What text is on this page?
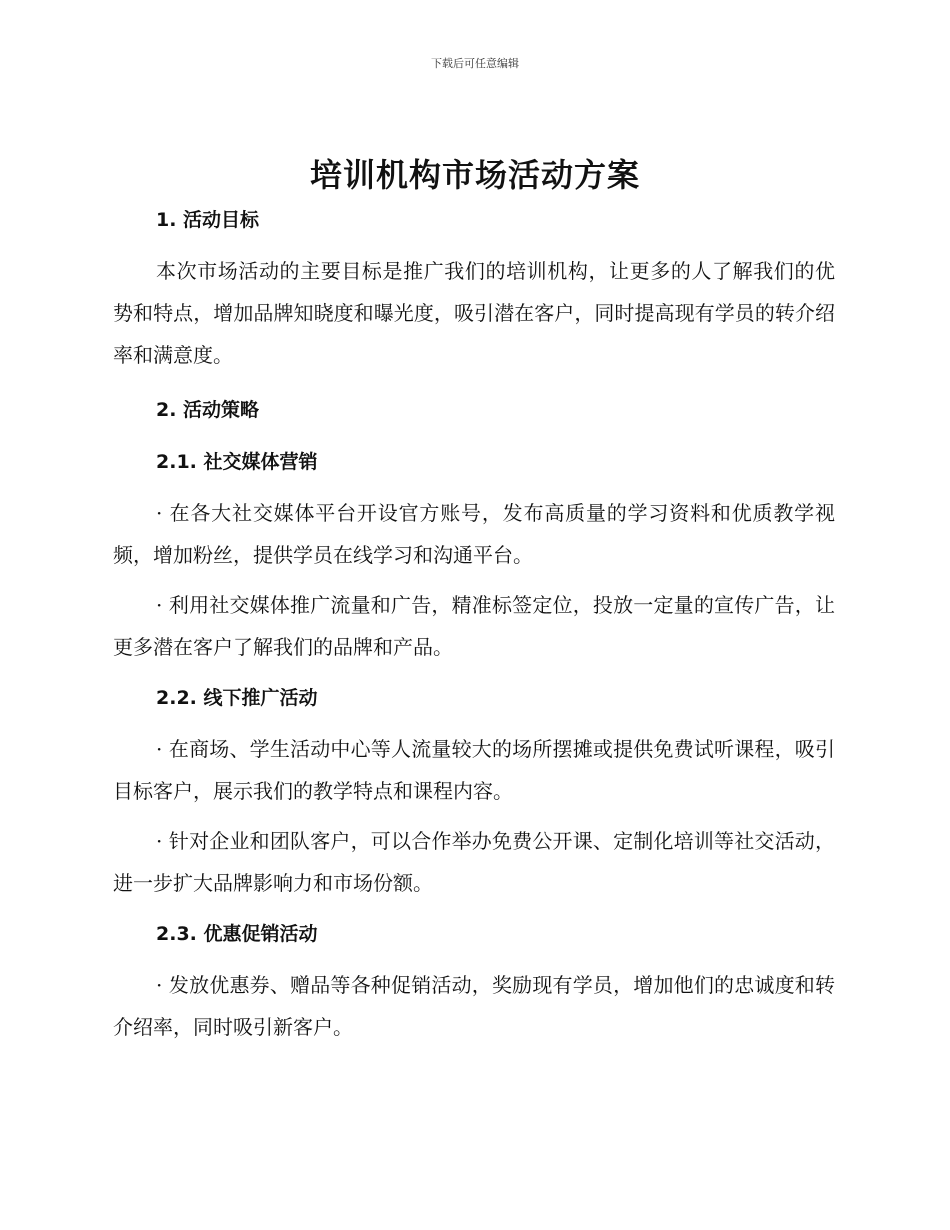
下载后可任意编辑
培训机构市场活动方案
1. 活动目标
本次市场活动的主要目标是推广我们的培训机构，让更多的人了解我们的优势和特点，增加品牌知晓度和曝光度，吸引潜在客户，同时提高现有学员的转介绍率和满意度。
2. 活动策略
2.1. 社交媒体营销
· 在各大社交媒体平台开设官方账号，发布高质量的学习资料和优质教学视频，增加粉丝，提供学员在线学习和沟通平台。
· 利用社交媒体推广流量和广告，精准标签定位，投放一定量的宣传广告，让更多潜在客户了解我们的品牌和产品。
2.2. 线下推广活动
· 在商场、学生活动中心等人流量较大的场所摆摊或提供免费试听课程，吸引目标客户，展示我们的教学特点和课程内容。
· 针对企业和团队客户，可以合作举办免费公开课、定制化培训等社交活动，进一步扩大品牌影响力和市场份额。
2.3. 优惠促销活动
· 发放优惠券、赠品等各种促销活动，奖励现有学员，增加他们的忠诚度和转介绍率，同时吸引新客户。
